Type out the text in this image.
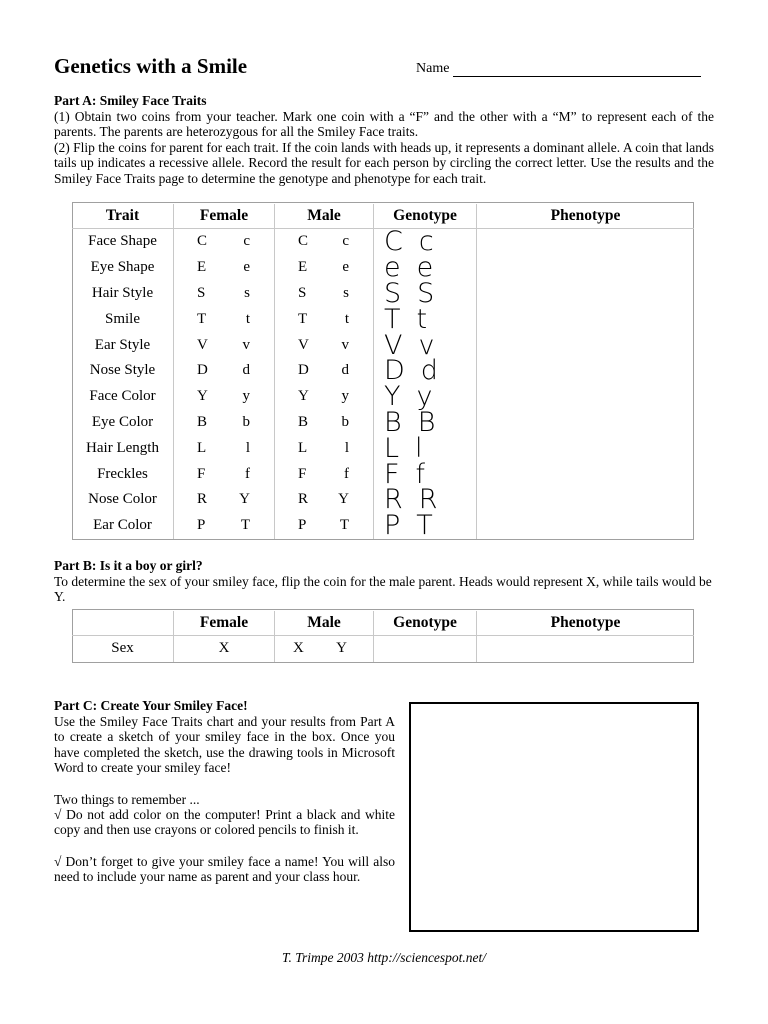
Genetics with a Smile	Name
Part A: Smiley Face Traits
(1) Obtain two coins from your teacher. Mark one coin with a “F” and the other with a “M” to represent each of the parents. The parents are heterozygous for all the Smiley Face traits.
(2) Flip the coins for parent for each trait. If the coin lands with heads up, it represents a dominant allele. A coin that lands tails up indicates a recessive allele. Record the result for each person by circling the correct letter. Use the results and the Smiley Face Traits page to determine the genotype and phenotype for each trait.
Trait	Female	Male	Genotype	Phenotype
Face Shape	C c	C c	C c	

Eye Shape	E e	E e	e e	

Hair Style	S s	S s	S S	

Smile	T t	T t	T t	

Ear Style	V v	V v	V v	

Nose Style	D d	D d	D d	

Face Color	Y y	Y y	Y y	

Eye Color	B b	B b	B B	

Hair Length	L l	L l	L l	

Freckles	F f	F f	F f	

Nose Color	R Y	R Y	R R	

Ear Color	P T	P T	P T	

Part B: Is it a boy or girl?
To determine the sex of your smiley face, flip the coin for the male parent. Heads would represent X, while tails would be Y.
	Female	Male	Genotype	Phenotype
Sex	X	X Y		

Part C: Create Your Smiley Face!
Use the Smiley Face Traits chart and your results from Part A to create a sketch of your smiley face in the box. Once you have completed the sketch, use the drawing tools in Microsoft Word to create your smiley face!
Two things to remember ...
√ Do not add color on the computer! Print a black and white copy and then use crayons or colored pencils to finish it.
√ Don’t forget to give your smiley face a name! You will also need to include your name as parent and your class hour.
T. Trimpe 2003 http://sciencespot.net/
